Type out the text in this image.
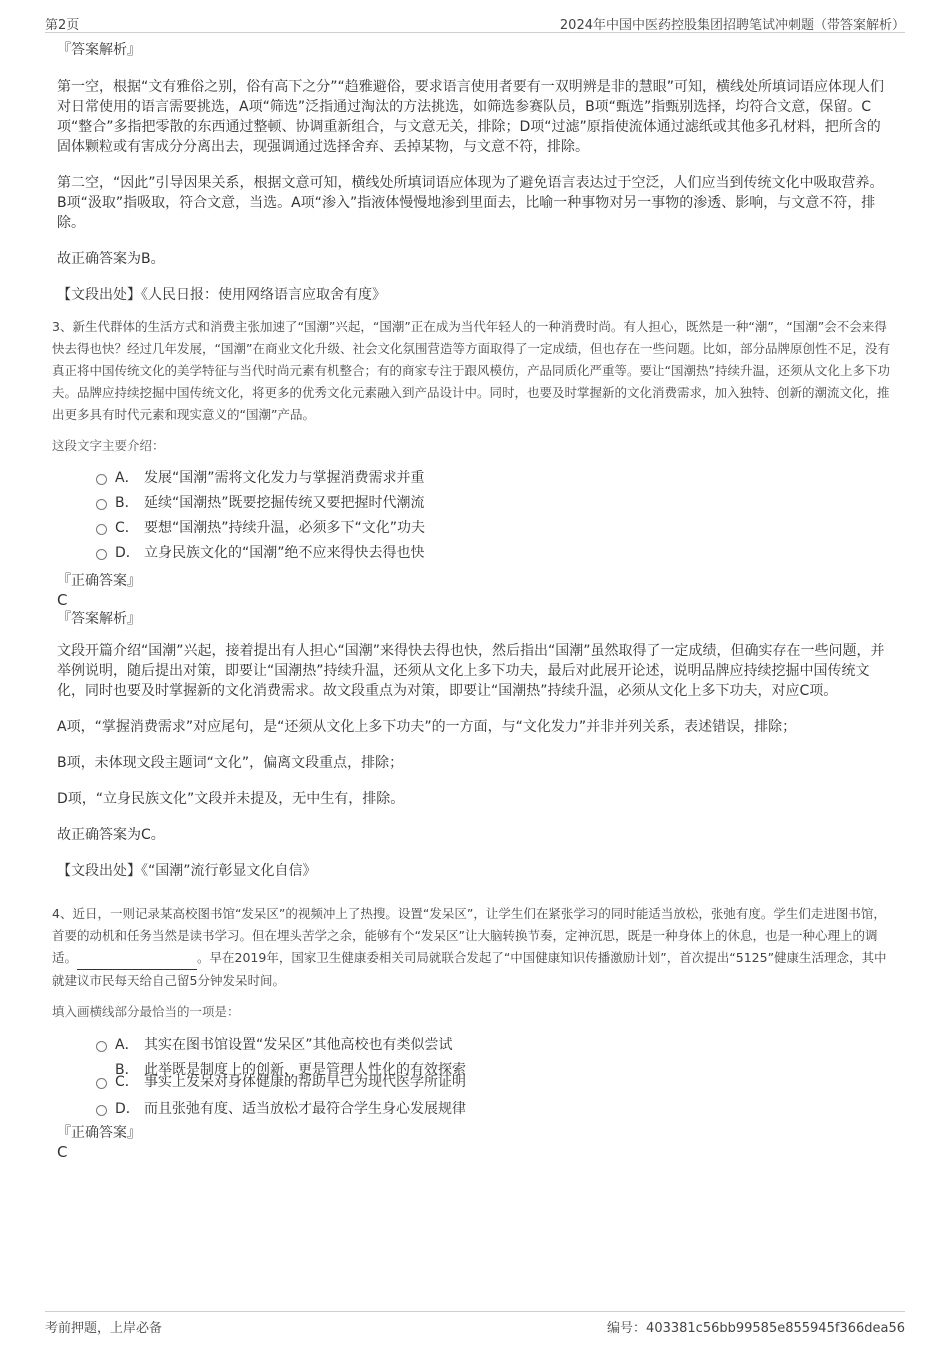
第2页	2024年中国中医药控股集团招聘笔试冲刺题（带答案解析）

『答案解析』

第一空，根据“文有雅俗之别，俗有高下之分”“趋雅避俗，要求语言使用者要有一双明辨是非的慧眼”可知，横线处所填词语应体现人们对日常使用的语言需要挑选，A项“筛选”泛指通过淘汰的方法挑选，如筛选参赛队员，B项“甄选”指甄别选择，均符合文意，保留。C项“整合”多指把零散的东西通过整顿、协调重新组合，与文意无关，排除；D项“过滤”原指使流体通过滤纸或其他多孔材料，把所含的固体颗粒或有害成分分离出去，现强调通过选择舍弃、丢掉某物，与文意不符，排除。

第二空，“因此”引导因果关系，根据文意可知，横线处所填词语应体现为了避免语言表达过于空泛，人们应当到传统文化中吸取营养。B项“汲取”指吸取，符合文意，当选。A项“渗入”指液体慢慢地渗到里面去，比喻一种事物对另一事物的渗透、影响，与文意不符，排除。

故正确答案为B。

【文段出处】《人民日报：使用网络语言应取舍有度》

3、新生代群体的生活方式和消费主张加速了“国潮”兴起，“国潮”正在成为当代年轻人的一种消费时尚。有人担心，既然是一种“潮”，“国潮”会不会来得快去得也快？经过几年发展，“国潮”在商业文化升级、社会文化氛围营造等方面取得了一定成绩，但也存在一些问题。比如，部分品牌原创性不足，没有真正将中国传统文化的美学特征与当代时尚元素有机整合；有的商家专注于跟风模仿，产品同质化严重等。要让“国潮热”持续升温，还须从文化上多下功夫。品牌应持续挖掘中国传统文化，将更多的优秀文化元素融入到产品设计中。同时，也要及时掌握新的文化消费需求，加入独特、创新的潮流文化，推出更多具有时代元素和现实意义的“国潮”产品。

这段文字主要介绍：

A． 发展“国潮”需将文化发力与掌握消费需求并重
B． 延续“国潮热”既要挖掘传统又要把握时代潮流
C． 要想“国潮热”持续升温，必须多下“文化”功夫
D． 立身民族文化的“国潮”绝不应来得快去得也快

『正确答案』

C

『答案解析』

文段开篇介绍“国潮”兴起，接着提出有人担心“国潮”来得快去得也快，然后指出“国潮”虽然取得了一定成绩，但确实存在一些问题，并举例说明，随后提出对策，即要让“国潮热”持续升温，还须从文化上多下功夫，最后对此展开论述，说明品牌应持续挖掘中国传统文化，同时也要及时掌握新的文化消费需求。故文段重点为对策，即要让“国潮热”持续升温，必须从文化上多下功夫，对应C项。

A项，“掌握消费需求”对应尾句，是“还须从文化上多下功夫”的一方面，与“文化发力”并非并列关系，表述错误，排除；

B项，未体现文段主题词“文化”，偏离文段重点，排除；

D项，“立身民族文化”文段并未提及，无中生有，排除。

故正确答案为C。

【文段出处】《“国潮”流行彰显文化自信》

4、近日，一则记录某高校图书馆“发呆区”的视频冲上了热搜。设置“发呆区”，让学生们在紧张学习的同时能适当放松，张弛有度。学生们走进图书馆，首要的动机和任务当然是读书学习。但在埋头苦学之余，能够有个“发呆区”让大脑转换节奏，定神沉思，既是一种身体上的休息，也是一种心理上的调适。	。早在2019年，国家卫生健康委相关司局就联合发起了“中国健康知识传播激励计划”，首次提出“5125”健康生活理念，其中就建议市民每天给自己留5分钟发呆时间。

填入画横线部分最恰当的一项是：

A． 其实在图书馆设置“发呆区”其他高校也有类似尝试
B． 此举既是制度上的创新，更是管理人性化的有效探索
C． 事实上发呆对身体健康的帮助早已为现代医学所证明
D． 而且张弛有度、适当放松才最符合学生身心发展规律

『正确答案』

C

考前押题，上岸必备	编号：403381c56bb99585e855945f366dea56
